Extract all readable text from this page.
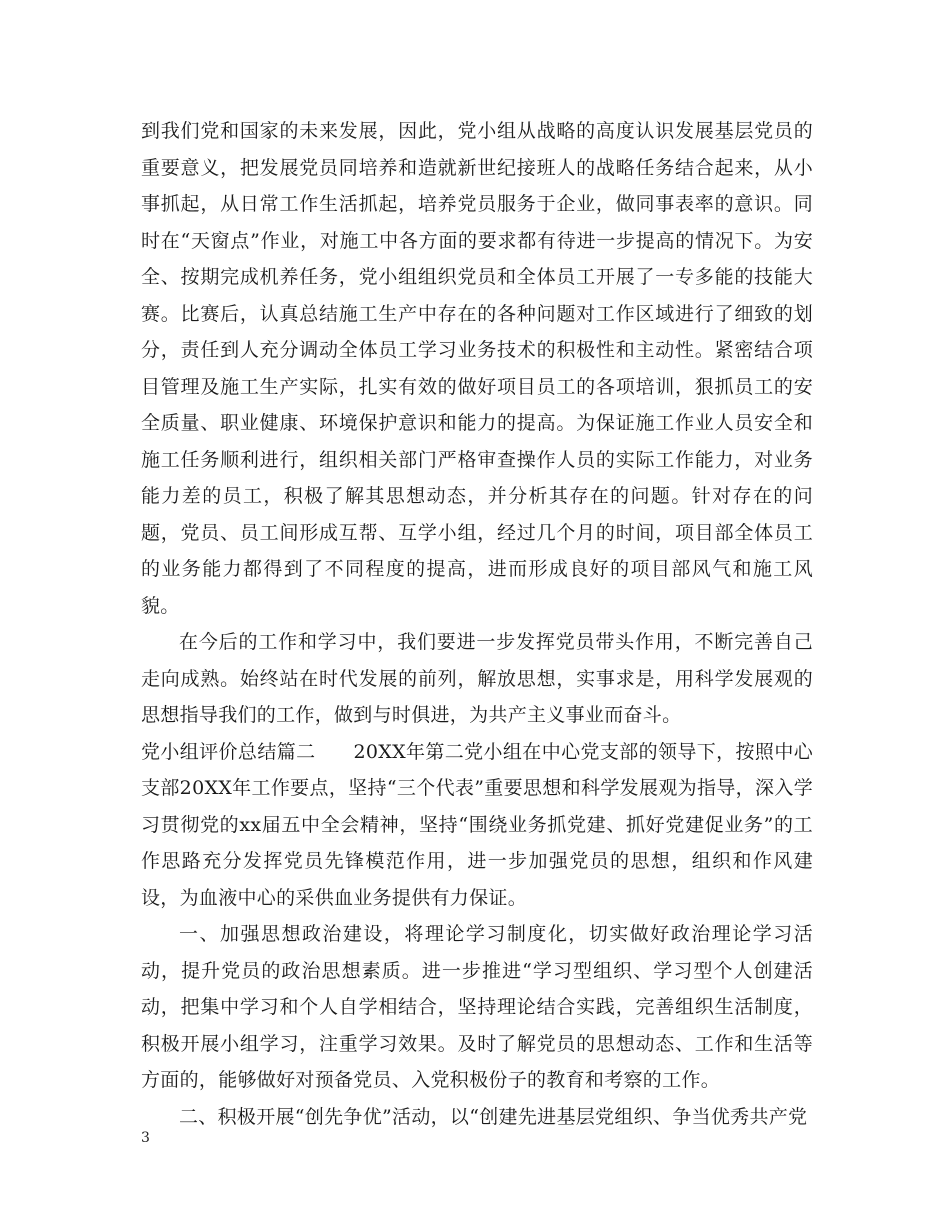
到我们党和国家的未来发展，因此，党小组从战略的高度认识发展基层党员的重要意义，把发展党员同培养和造就新世纪接班人的战略任务结合起来，从小事抓起，从日常工作生活抓起，培养党员服务于企业，做同事表率的意识。同时在“天窗点”作业，对施工中各方面的要求都有待进一步提高的情况下。为安全、按期完成机养任务，党小组组织党员和全体员工开展了一专多能的技能大赛。比赛后，认真总结施工生产中存在的各种问题对工作区域进行了细致的划分，责任到人充分调动全体员工学习业务技术的积极性和主动性。紧密结合项目管理及施工生产实际，扎实有效的做好项目员工的各项培训，狠抓员工的安全质量、职业健康、环境保护意识和能力的提高。为保证施工作业人员安全和施工任务顺利进行，组织相关部门严格审查操作人员的实际工作能力，对业务能力差的员工，积极了解其思想动态，并分析其存在的问题。针对存在的问题，党员、员工间形成互帮、互学小组，经过几个月的时间，项目部全体员工的业务能力都得到了不同程度的提高，进而形成良好的项目部风气和施工风貌。

在今后的工作和学习中，我们要进一步发挥党员带头作用，不断完善自己走向成熟。始终站在时代发展的前列，解放思想，实事求是，用科学发展观的思想指导我们的工作，做到与时俱进，为共产主义事业而奋斗。

党小组评价总结篇二 20XX年第二党小组在中心党支部的领导下，按照中心支部20XX年工作要点，坚持“三个代表”重要思想和科学发展观为指导，深入学习贯彻党的xx届五中全会精神，坚持“围绕业务抓党建、抓好党建促业务”的工作思路充分发挥党员先锋模范作用，进一步加强党员的思想，组织和作风建设，为血液中心的采供血业务提供有力保证。

一、加强思想政治建设，将理论学习制度化，切实做好政治理论学习活动，提升党员的政治思想素质。进一步推进“学习型组织、学习型个人创建活动，把集中学习和个人自学相结合，坚持理论结合实践，完善组织生活制度，积极开展小组学习，注重学习效果。及时了解党员的思想动态、工作和生活等方面的，能够做好对预备党员、入党积极份子的教育和考察的工作。

二、积极开展“创先争优”活动，以“创建先进基层党组织、争当优秀共产党

3
